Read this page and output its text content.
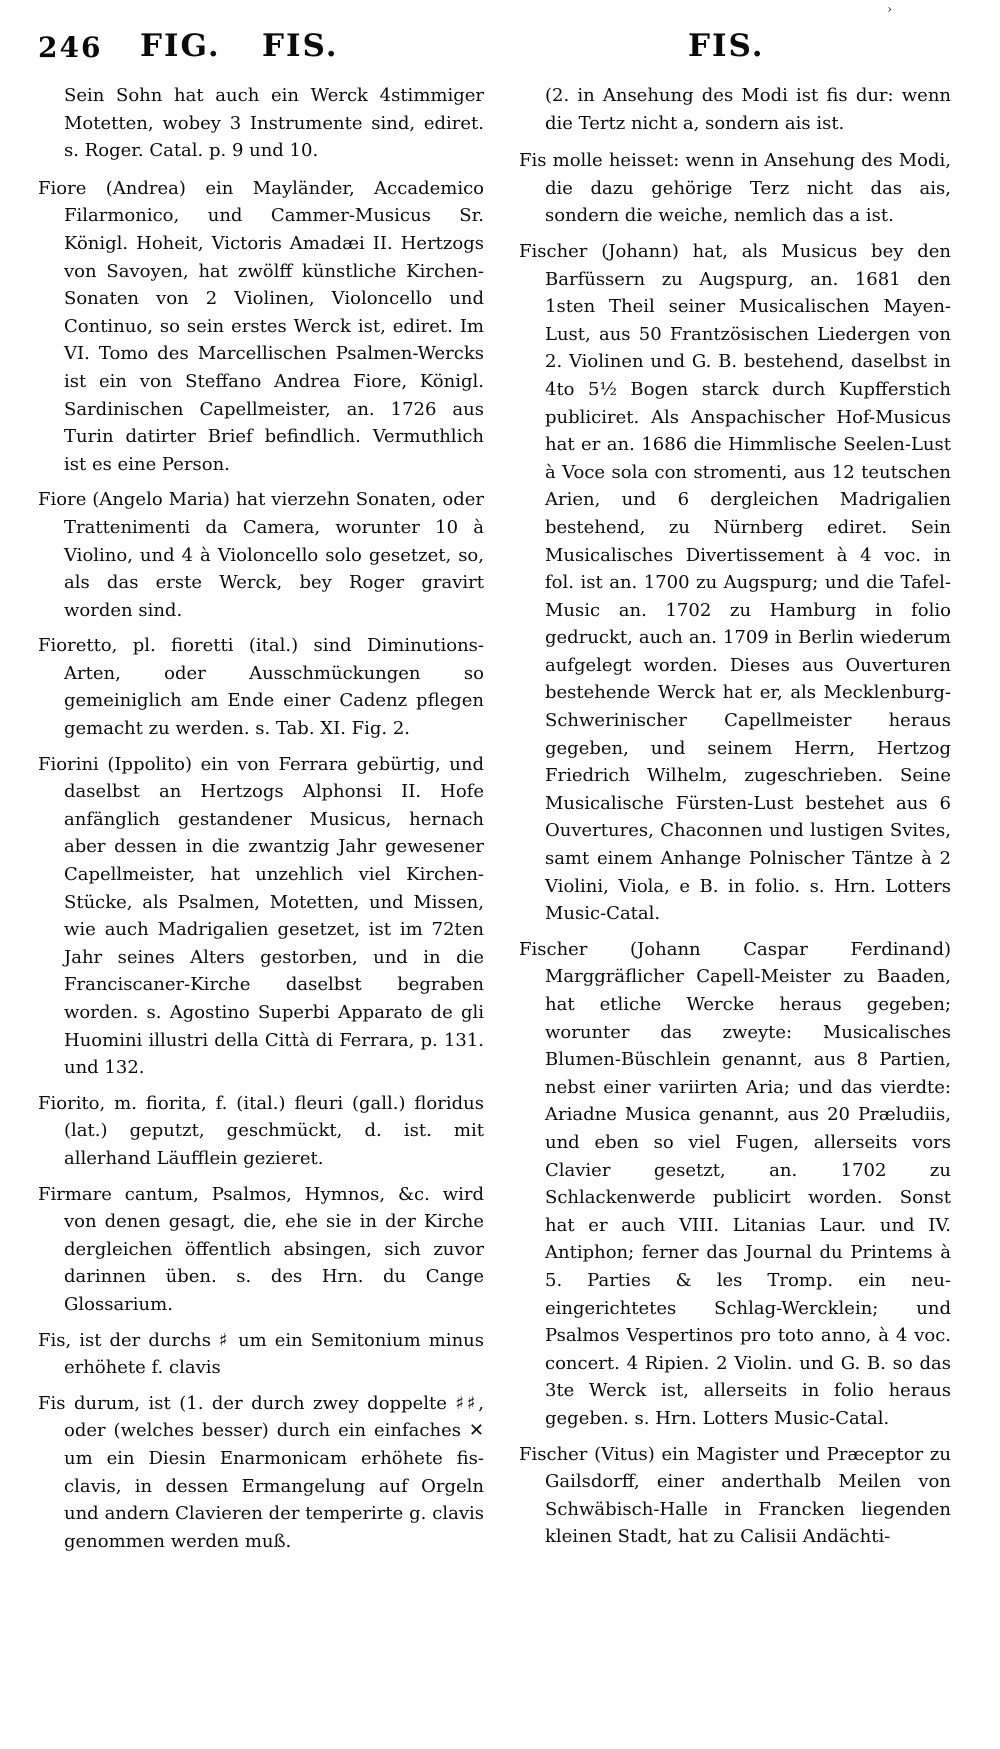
›
246 FIG. FIS.	FIS.

Sein Sohn hat auch ein Werck 4stimmiger Motetten, wobey 3 Instrumente sind, ediret. s. Roger. Catal. p. 9 und 10.

Fiore (Andrea) ein Mayländer, Accademico Filarmonico, und Cammer-Musicus Sr. Königl. Hoheit, Victoris Amadæi II. Hertzogs von Savoyen, hat zwölff künstliche Kirchen-Sonaten von 2 Violinen, Violoncello und Continuo, so sein erstes Werck ist, ediret. Im VI. Tomo des Marcellischen Psalmen-Wercks ist ein von Steffano Andrea Fiore, Königl. Sardinischen Capellmeister, an. 1726 aus Turin datirter Brief befindlich. Vermuthlich ist es eine Person.

Fiore (Angelo Maria) hat vierzehn Sonaten, oder Trattenimenti da Camera, worunter 10 à Violino, und 4 à Violoncello solo gesetzet, so, als das erste Werck, bey Roger gravirt worden sind.

Fioretto, pl. fioretti (ital.) sind Diminutions-Arten, oder Ausschmückungen so gemeiniglich am Ende einer Cadenz pflegen gemacht zu werden. s. Tab. XI. Fig. 2.

Fiorini (Ippolito) ein von Ferrara gebürtig, und daselbst an Hertzogs Alphonsi II. Hofe anfänglich gestandener Musicus, hernach aber dessen in die zwantzig Jahr gewesener Capellmeister, hat unzehlich viel Kirchen-Stücke, als Psalmen, Motetten, und Missen, wie auch Madrigalien gesetzet, ist im 72ten Jahr seines Alters gestorben, und in die Franciscaner-Kirche daselbst begraben worden. s. Agostino Superbi Apparato de gli Huomini illustri della Città di Ferrara, p. 131. und 132.

Fiorito, m. fiorita, f. (ital.) fleuri (gall.) floridus (lat.) geputzt, geschmückt, d. ist. mit allerhand Läufflein gezieret.

Firmare cantum, Psalmos, Hymnos, &c. wird von denen gesagt, die, ehe sie in der Kirche dergleichen öffentlich absingen, sich zuvor darinnen üben. s. des Hrn. du Cange Glossarium.

Fis, ist der durchs ♯ um ein Semitonium minus erhöhete f. clavis

Fis durum, ist (1. der durch zwey doppelte ♯♯, oder (welches besser) durch ein einfaches ✕ um ein Diesin Enarmonicam erhöhete fis-clavis, in dessen Ermangelung auf Orgeln und andern Clavieren der temperirte g. clavis genommen werden muß.

(2. in Ansehung des Modi ist fis dur: wenn die Tertz nicht a, sondern ais ist.

Fis molle heisset: wenn in Ansehung des Modi, die dazu gehörige Terz nicht das ais, sondern die weiche, nemlich das a ist.

Fischer (Johann) hat, als Musicus bey den Barfüssern zu Augspurg, an. 1681 den 1sten Theil seiner Musicalischen Mayen-Lust, aus 50 Frantzösischen Liedergen von 2. Violinen und G. B. bestehend, daselbst in 4to 5½ Bogen starck durch Kupfferstich publiciret. Als Anspachischer Hof-Musicus hat er an. 1686 die Himmlische Seelen-Lust à Voce sola con stromenti, aus 12 teutschen Arien, und 6 dergleichen Madrigalien bestehend, zu Nürnberg ediret. Sein Musicalisches Divertissement à 4 voc. in fol. ist an. 1700 zu Augspurg; und die Tafel-Music an. 1702 zu Hamburg in folio gedruckt, auch an. 1709 in Berlin wiederum aufgelegt worden. Dieses aus Ouverturen bestehende Werck hat er, als Mecklenburg-Schwerinischer Capellmeister heraus gegeben, und seinem Herrn, Hertzog Friedrich Wilhelm, zugeschrieben. Seine Musicalische Fürsten-Lust bestehet aus 6 Ouvertures, Chaconnen und lustigen Svites, samt einem Anhange Polnischer Täntze à 2 Violini, Viola, e B. in folio. s. Hrn. Lotters Music-Catal.

Fischer (Johann Caspar Ferdinand) Marggräflicher Capell-Meister zu Baaden, hat etliche Wercke heraus gegeben; worunter das zweyte: Musicalisches Blumen-Büschlein genannt, aus 8 Partien, nebst einer variirten Aria; und das vierdte: Ariadne Musica genannt, aus 20 Præludiis, und eben so viel Fugen, allerseits vors Clavier gesetzt, an. 1702 zu Schlackenwerde publicirt worden. Sonst hat er auch VIII. Litanias Laur. und IV. Antiphon; ferner das Journal du Printems à 5. Parties & les Tromp. ein neu-eingerichtetes Schlag-Wercklein; und Psalmos Vespertinos pro toto anno, à 4 voc. concert. 4 Ripien. 2 Violin. und G. B. so das 3te Werck ist, allerseits in folio heraus gegeben. s. Hrn. Lotters Music-Catal.

Fischer (Vitus) ein Magister und Præceptor zu Gailsdorff, einer anderthalb Meilen von Schwäbisch-Halle in Francken liegenden kleinen Stadt, hat zu Calisii Andächti-
